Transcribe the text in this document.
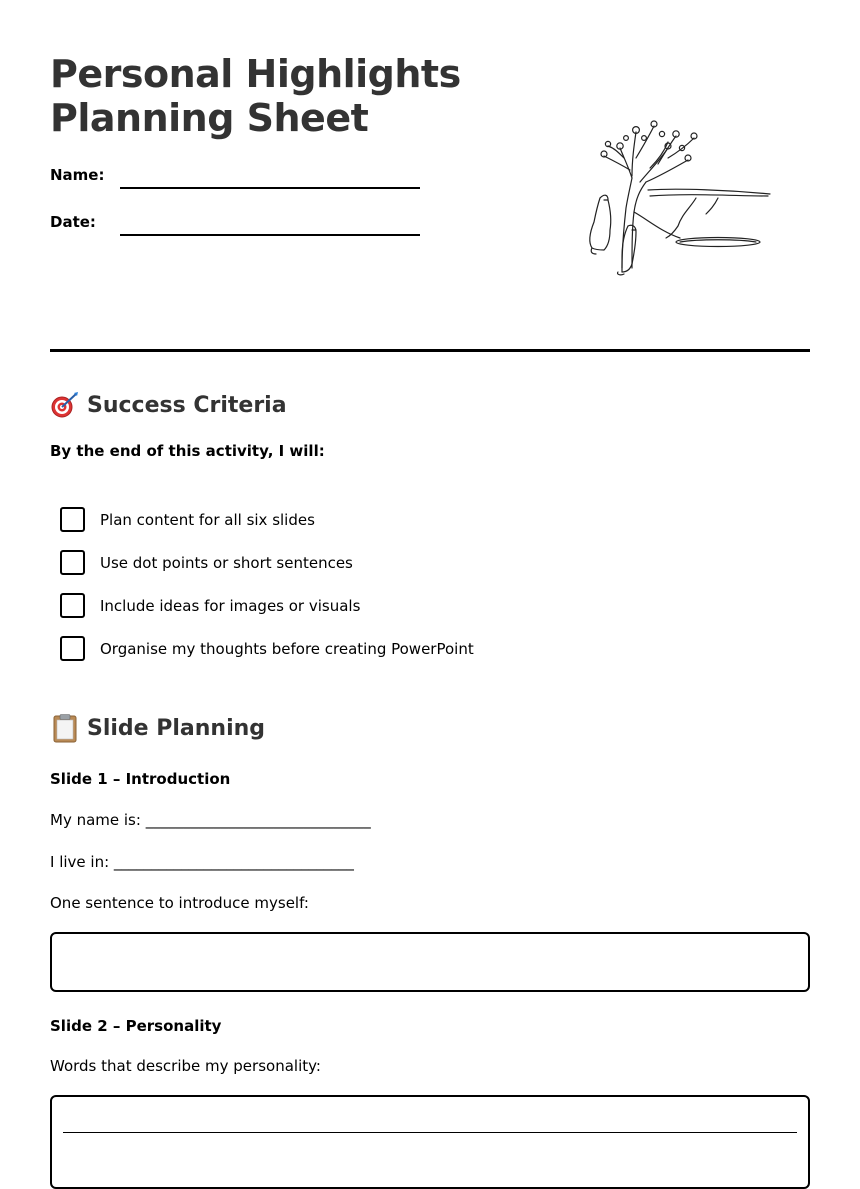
Personal Highlights
Planning Sheet
Name:
Date:
Success Criteria
By the end of this activity, I will:
Plan content for all six slides
Use dot points or short sentences
Include ideas for images or visuals
Organise my thoughts before creating PowerPoint
Slide Planning
Slide 1 – Introduction
My name is: ______________________________
I live in: ________________________________
One sentence to introduce myself:
Slide 2 – Personality
Words that describe my personality:
